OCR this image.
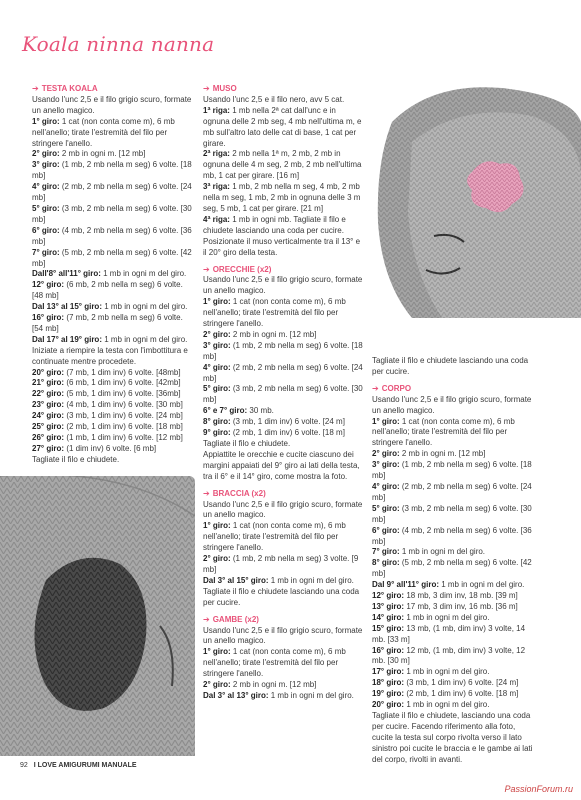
Koala ninna nanna

➔ TESTA KOALA

Usando l'unc 2,5 e il filo grigio scuro, formate un anello magico.

1° giro: 1 cat (non conta come m), 6 mb nell'anello; tirate l'estremità del filo per stringere l'anello.

2° giro: 2 mb in ogni m. [12 mb]

3° giro: (1 mb, 2 mb nella m seg) 6 volte. [18 mb]

4° giro: (2 mb, 2 mb nella m seg) 6 volte. [24 mb]

5° giro: (3 mb, 2 mb nella m seg) 6 volte. [30 mb]

6° giro: (4 mb, 2 mb nella m seg) 6 volte. [36 mb]

7° giro: (5 mb, 2 mb nella m seg) 6 volte. [42 mb]

Dall'8° all'11° giro: 1 mb in ogni m del giro.

12° giro: (6 mb, 2 mb nella m seg) 6 volte. [48 mb]

Dal 13° al 15° giro: 1 mb in ogni m del giro.

16° giro: (7 mb, 2 mb nella m seg) 6 volte. [54 mb]

Dal 17° al 19° giro: 1 mb in ogni m del giro.

Iniziate a riempire la testa con l'imbottitura e continuate mentre procedete.

20° giro: (7 mb, 1 dim inv) 6 volte. [48mb]

21° giro: (6 mb, 1 dim inv) 6 volte. [42mb]

22° giro: (5 mb, 1 dim inv) 6 volte. [36mb]

23° giro: (4 mb, 1 dim inv) 6 volte. [30 mb]

24° giro: (3 mb, 1 dim inv) 6 volte. [24 mb]

25° giro: (2 mb, 1 dim inv) 6 volte. [18 mb]

26° giro: (1 mb, 1 dim inv) 6 volte. [12 mb]

27° giro: (1 dim inv) 6 volte. [6 mb]

Tagliate il filo e chiudete.

➔ MUSO

Usando l'unc 2,5 e il filo nero, avv 5 cat.

1ª riga: 1 mb nella 2ª cat dall'unc e in ognuna delle 2 mb seg, 4 mb nell'ultima m, e mb sull'altro lato delle cat di base, 1 cat per girare.

2ª riga: 2 mb nella 1ª m, 2 mb, 2 mb in ognuna delle 4 m seg, 2 mb, 2 mb nell'ultima mb, 1 cat per girare. [16 m]

3ª riga: 1 mb, 2 mb nella m seg, 4 mb, 2 mb nella m seg, 1 mb, 2 mb in ognuna delle 3 m seg, 5 mb, 1 cat per girare. [21 m]

4ª riga: 1 mb in ogni mb. Tagliate il filo e chiudete lasciando una coda per cucire. Posizionate il muso verticalmente tra il 13° e il 20° giro della testa.

➔ ORECCHIE (x2)

Usando l'unc 2,5 e il filo grigio scuro, formate un anello magico.

1° giro: 1 cat (non conta come m), 6 mb nell'anello; tirate l'estremità del filo per stringere l'anello.

2° giro: 2 mb in ogni m. [12 mb]

3° giro: (1 mb, 2 mb nella m seg) 6 volte. [18 mb]

4° giro: (2 mb, 2 mb nella m seg) 6 volte. [24 mb]

5° giro: (3 mb, 2 mb nella m seg) 6 volte. [30 mb]

6° e 7° giro: 30 mb.

8° giro: (3 mb, 1 dim inv) 6 volte. [24 m]

9° giro: (2 mb, 1 dim inv) 6 volte. [18 m]

Tagliate il filo e chiudete.

Appiattite le orecchie e cucite ciascuno dei margini appaiati del 9° giro ai lati della testa, tra il 6° e il 14° giro, come mostra la foto.

➔ BRACCIA (x2)

Usando l'unc 2,5 e il filo grigio scuro, formate un anello magico.

1° giro: 1 cat (non conta come m), 6 mb nell'anello; tirate l'estremità del filo per stringere l'anello.

2° giro: (1 mb, 2 mb nella m seg) 3 volte. [9 mb]

Dal 3° al 15° giro: 1 mb in ogni m del giro.

Tagliate il filo e chiudete lasciando una coda per cucire.

➔ GAMBE (x2)

Usando l'unc 2,5 e il filo grigio scuro, formate un anello magico.

1° giro: 1 cat (non conta come m), 6 mb nell'anello; tirate l'estremità del filo per stringere l'anello.

2° giro: 2 mb in ogni m. [12 mb]

Dal 3° al 13° giro: 1 mb in ogni m del giro.

Tagliate il filo e chiudete lasciando una coda per cucire.

➔ CORPO

Usando l'unc 2,5 e il filo grigio scuro, formate un anello magico.

1° giro: 1 cat (non conta come m), 6 mb nell'anello; tirate l'estremità del filo per stringere l'anello.

2° giro: 2 mb in ogni m. [12 mb]

3° giro: (1 mb, 2 mb nella m seg) 6 volte. [18 mb]

4° giro: (2 mb, 2 mb nella m seg) 6 volte. [24 mb]

5° giro: (3 mb, 2 mb nella m seg) 6 volte. [30 mb]

6° giro: (4 mb, 2 mb nella m seg) 6 volte. [36 mb]

7° giro: 1 mb in ogni m del giro.

8° giro: (5 mb, 2 mb nella m seg) 6 volte. [42 mb]

Dal 9° all'11° giro: 1 mb in ogni m del giro.

12° giro: 18 mb, 3 dim inv, 18 mb. [39 m]

13° giro: 17 mb, 3 dim inv, 16 mb. [36 m]

14° giro: 1 mb in ogni m del giro.

15° giro: 13 mb, (1 mb, dim inv) 3 volte, 14 mb. [33 m]

16° giro: 12 mb, (1 mb, dim inv) 3 volte, 12 mb. [30 m]

17° giro: 1 mb in ogni m del giro.

18° giro: (3 mb, 1 dim inv) 6 volte. [24 m]

19° giro: (2 mb, 1 dim inv) 6 volte. [18 m]

20° giro: 1 mb in ogni m del giro.

Tagliate il filo e chiudete, lasciando una coda per cucire. Facendo riferimento alla foto, cucite la testa sul corpo rivolta verso il lato sinistro poi cucite le braccia e le gambe ai lati del corpo, rivolti in avanti.

92 I LOVE AMIGURUMI MANUALE
PassionForum.ru
